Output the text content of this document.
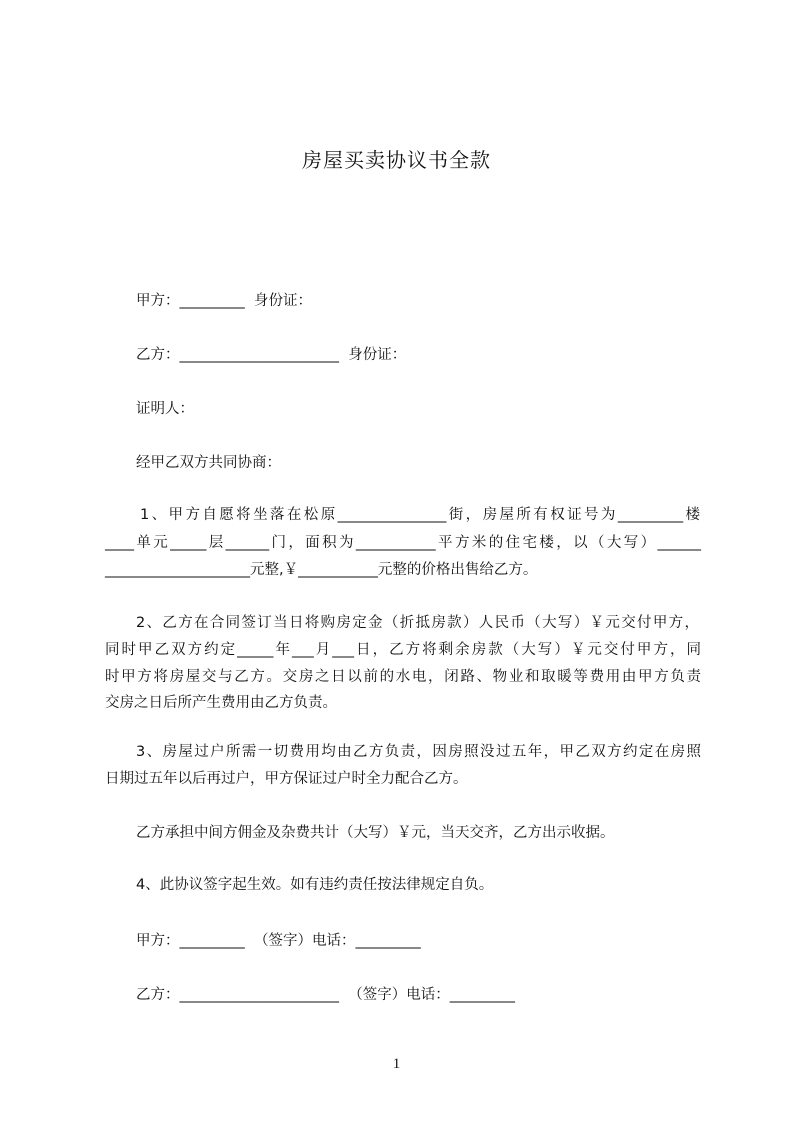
房屋买卖协议书全款
甲方：_________  身份证：
乙方：______________________  身份证：
证明人：
经甲乙双方共同协商：
1、甲方自愿将坐落在松原_______________街，房屋所有权证号为_________楼
____单元_____层______门，面积为___________平方米的住宅楼，以（大写）______
____________________元整,￥___________元整的价格出售给乙方。
2、乙方在合同签订当日将购房定金（折抵房款）人民币（大写）￥元交付甲方，
同时甲乙双方约定_____年___月___日，乙方将剩余房款（大写）￥元交付甲方，同
时甲方将房屋交与乙方。交房之日以前的水电，闭路、物业和取暖等费用由甲方负责
交房之日后所产生费用由乙方负责。
3、房屋过户所需一切费用均由乙方负责，因房照没过五年，甲乙双方约定在房照
日期过五年以后再过户，甲方保证过户时全力配合乙方。
乙方承担中间方佣金及杂费共计（大写）￥元，当天交齐，乙方出示收据。
4、此协议签字起生效。如有违约责任按法律规定自负。
甲方：_________  （签字）电话：_________
乙方：______________________  （签字）电话：_________
1
